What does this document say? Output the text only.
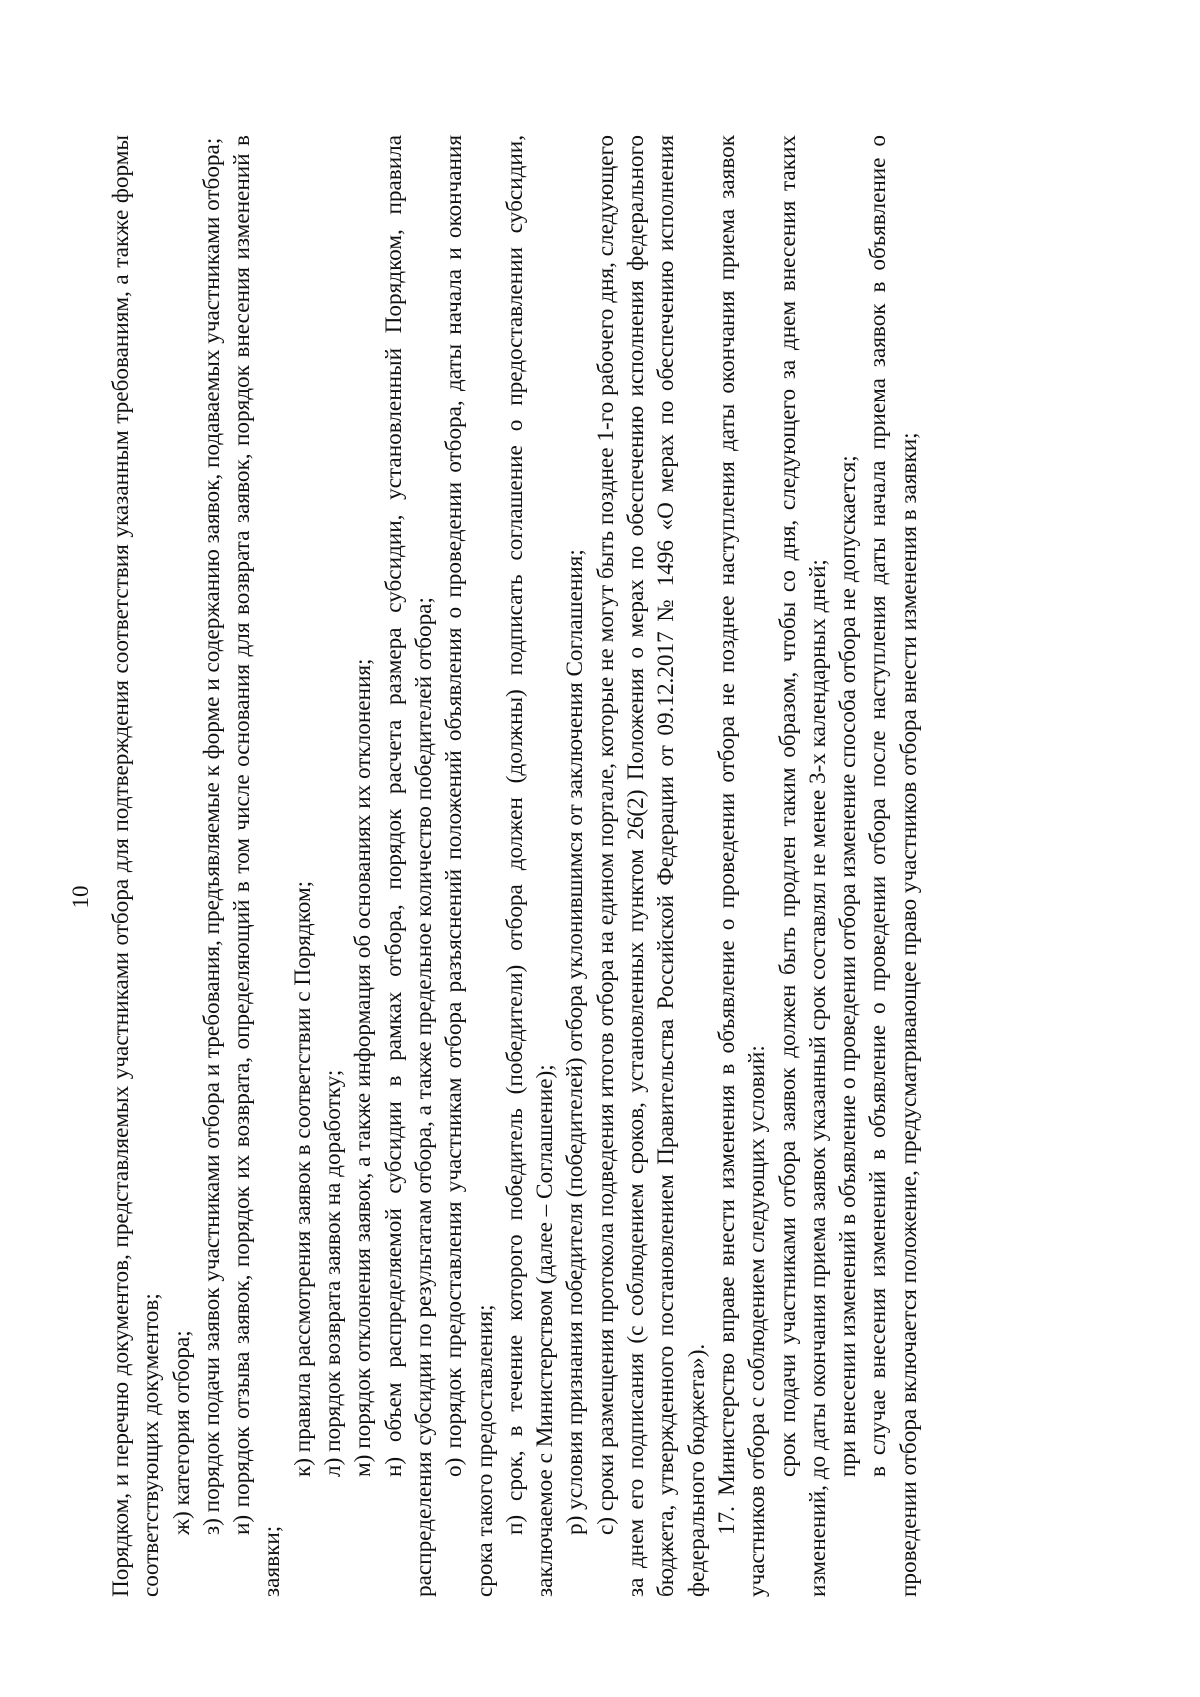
10 Порядком, и перечню документов, представляемых участниками отбора для подтверждения соответствия указанным требованиям, а также формы соответствующих документов; ж) категория отбора; з) порядок подачи заявок участниками отбора и требования, предъявляемые к форме и содержанию заявок, подаваемых участниками отбора; и) порядок отзыва заявок, порядок их возврата, определяющий в том числе основания для возврата заявок, порядок внесения изменений в заявки;

к) правила рассмотрения заявок в соответствии с Порядком; л) порядок возврата заявок на доработку; м) порядок отклонения заявок, а также информация об основаниях их отклонения; н) объем распределяемой субсидии в рамках отбора, порядок расчета размера субсидии, установленный Порядком, правила распределения субсидии по результатам отбора, а также предельное количество победителей отбора; о) порядок предоставления участникам отбора разъяснений положений объявления о проведении отбора, даты начала и окончания срока такого предоставления; п) срок, в течение которого победитель (победители) отбора должен (должны) подписать соглашение о предоставлении субсидии, заключаемое с Министерством (далее – Соглашение); р) условия признания победителя (победителей) отбора уклонившимся от заключения Соглашения; с) сроки размещения протокола подведения итогов отбора на едином портале, которые не могут быть позднее 1-го рабочего дня, следующего за днем его подписания (с соблюдением сроков, установленных пунктом 26(2) Положения о мерах по обеспечению исполнения федерального бюджета, утвержденного постановлением Правительства Российской Федерации от 09.12.2017 № 1496 «О мерах по обеспечению исполнения федерального бюджета»). 17. Министерство вправе внести изменения в объявление о проведении отбора не позднее наступления даты окончания приема заявок участников отбора с соблюдением следующих условий: срок подачи участниками отбора заявок должен быть продлен таким образом, чтобы со дня, следующего за днем внесения таких изменений, до даты окончания приема заявок указанный срок составлял не менее 3-х календарных дней; при внесении изменений в объявление о проведении отбора изменение способа отбора не допускается; в случае внесения изменений в объявление о проведении отбора после наступления даты начала приема заявок в объявление о проведении отбора включается положение, предусматривающее право участников отбора внести изменения в заявки;
